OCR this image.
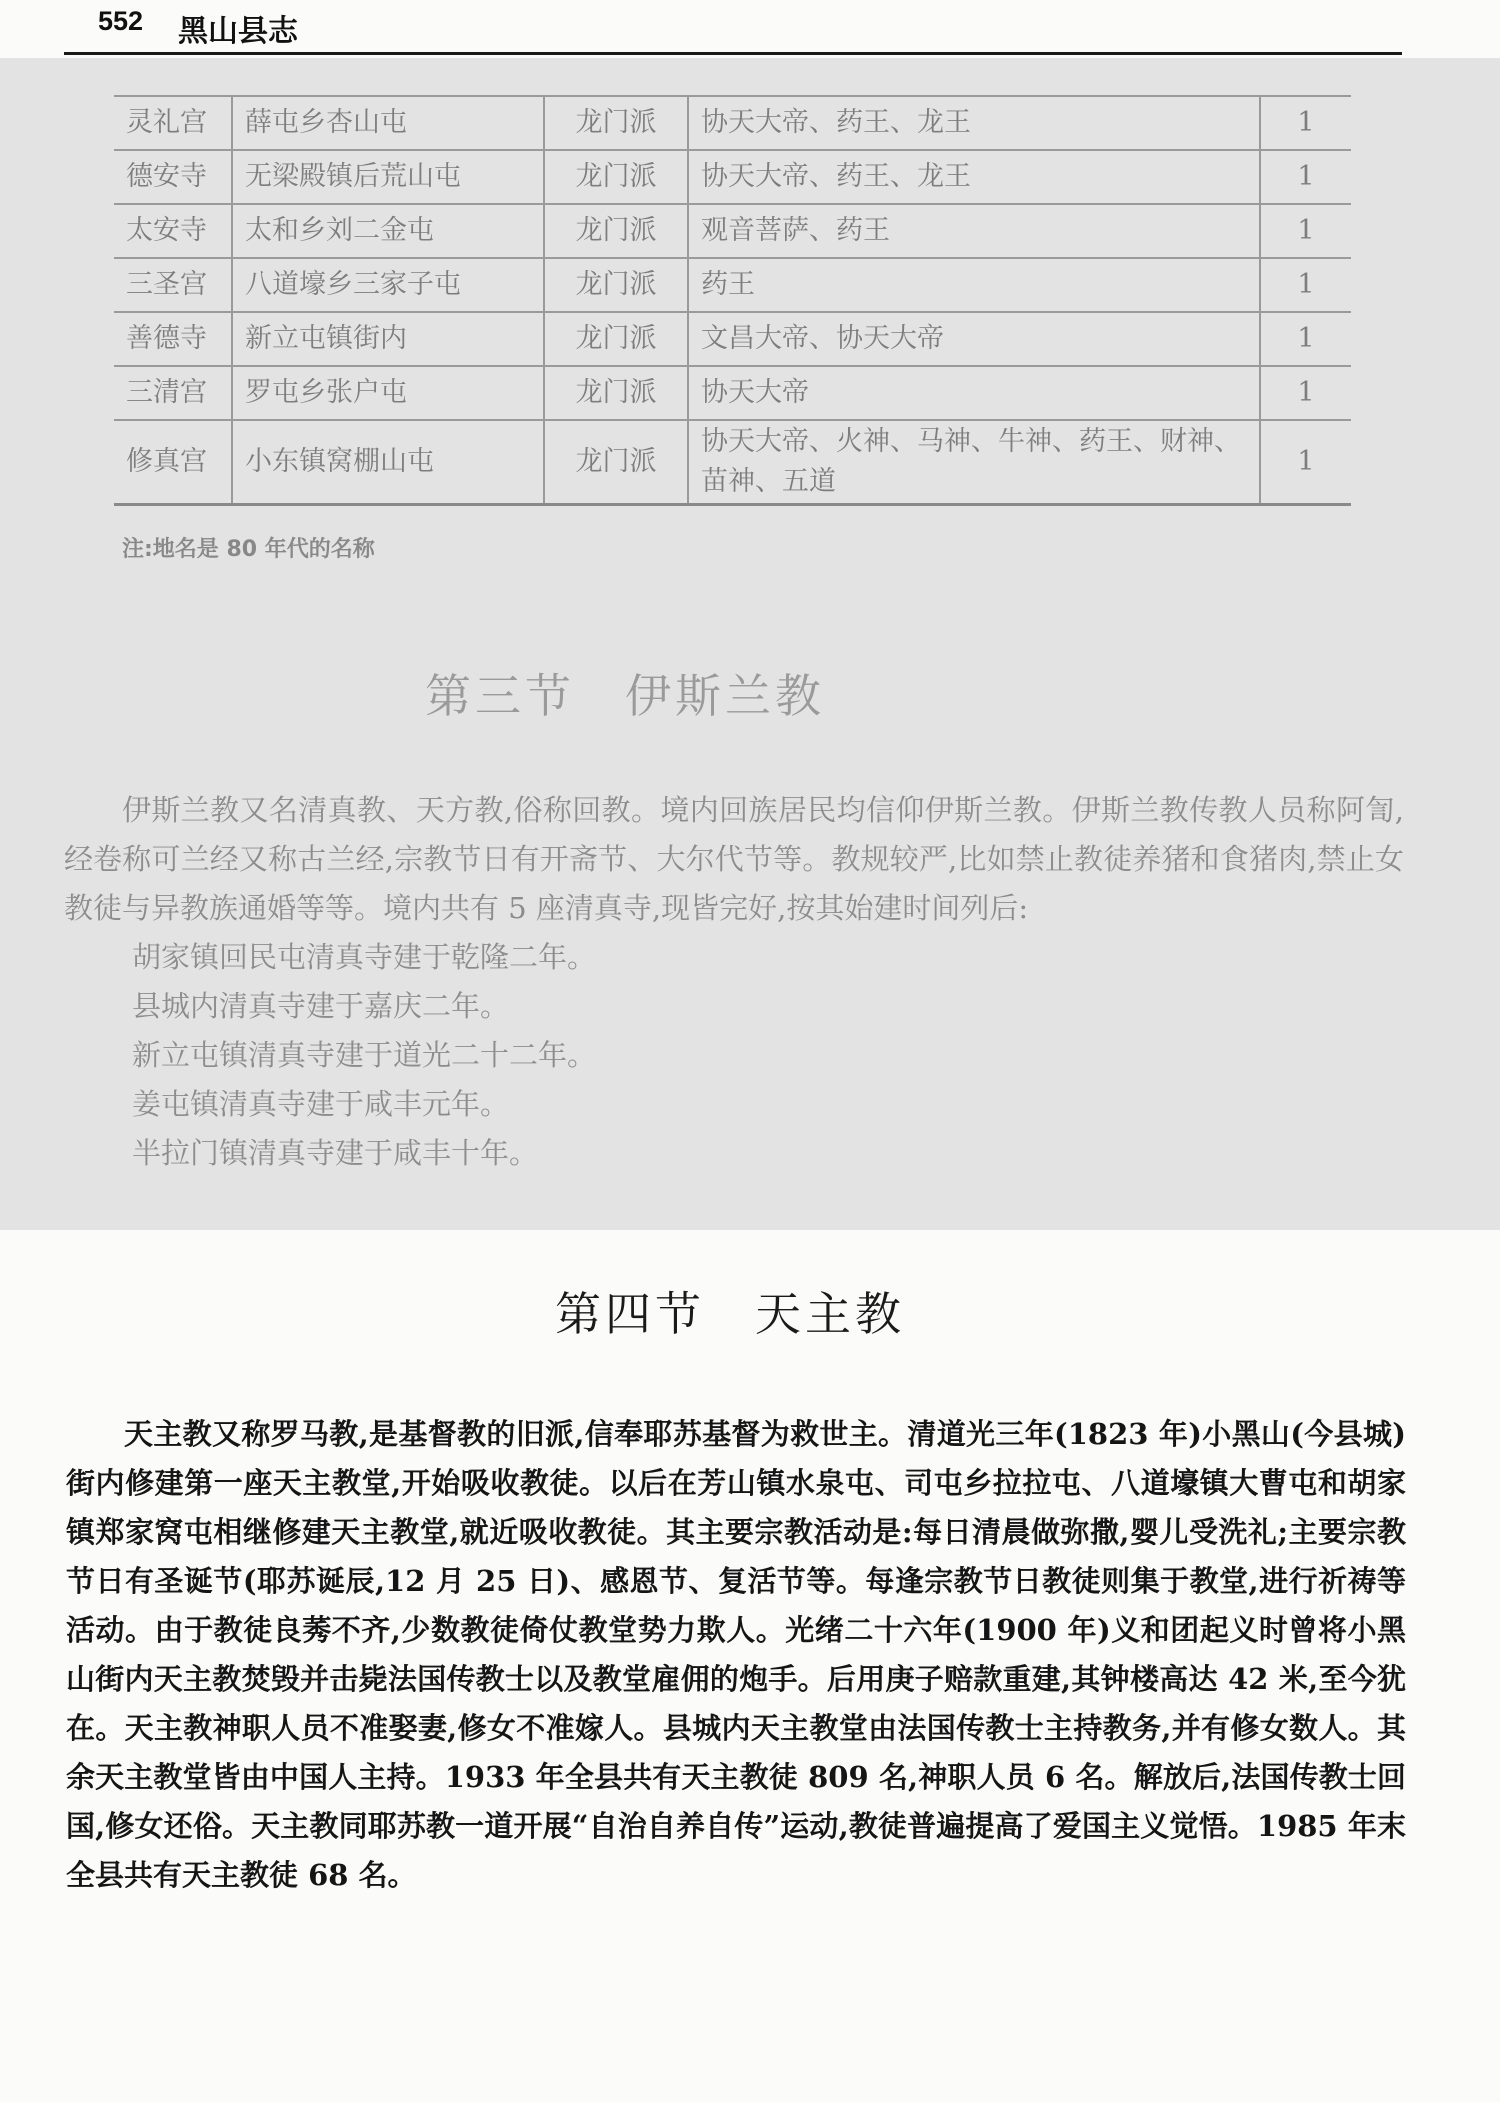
552 黑山县志
灵礼宫	薛屯乡杏山屯	龙门派	协天大帝、药王、龙王	1
德安寺	无梁殿镇后荒山屯	龙门派	协天大帝、药王、龙王	1
太安寺	太和乡刘二金屯	龙门派	观音菩萨、药王	1
三圣宫	八道壕乡三家子屯	龙门派	药王	1
善德寺	新立屯镇街内	龙门派	文昌大帝、协天大帝	1
三清宫	罗屯乡张户屯	龙门派	协天大帝	1
修真宫	小东镇窝棚山屯	龙门派	协天大帝、火神、马神、牛神、药王、财神、苗神、五道	1
注:地名是 80 年代的名称
第三节　伊斯兰教

伊斯兰教又名清真教、天方教,俗称回教。境内回族居民均信仰伊斯兰教。伊斯兰教传教人员称阿訇,经卷称可兰经又称古兰经,宗教节日有开斋节、大尔代节等。教规较严,比如禁止教徒养猪和食猪肉,禁止女教徒与异教族通婚等等。境内共有 5 座清真寺,现皆完好,按其始建时间列后:

胡家镇回民屯清真寺建于乾隆二年。

县城内清真寺建于嘉庆二年。

新立屯镇清真寺建于道光二十二年。

姜屯镇清真寺建于咸丰元年。

半拉门镇清真寺建于咸丰十年。

第四节　天主教

天主教又称罗马教,是基督教的旧派,信奉耶苏基督为救世主。清道光三年(1823 年)小黑山(今县城)街内修建第一座天主教堂,开始吸收教徒。以后在芳山镇水泉屯、司屯乡拉拉屯、八道壕镇大曹屯和胡家镇郑家窝屯相继修建天主教堂,就近吸收教徒。其主要宗教活动是:每日清晨做弥撒,婴儿受洗礼;主要宗教节日有圣诞节(耶苏诞辰,12 月 25 日)、感恩节、复活节等。每逢宗教节日教徒则集于教堂,进行祈祷等活动。由于教徒良莠不齐,少数教徒倚仗教堂势力欺人。光绪二十六年(1900 年)义和团起义时曾将小黑山街内天主教焚毁并击毙法国传教士以及教堂雇佣的炮手。后用庚子赔款重建,其钟楼高达 42 米,至今犹在。天主教神职人员不准娶妻,修女不准嫁人。县城内天主教堂由法国传教士主持教务,并有修女数人。其余天主教堂皆由中国人主持。1933 年全县共有天主教徒 809 名,神职人员 6 名。解放后,法国传教士回国,修女还俗。天主教同耶苏教一道开展“自治自养自传”运动,教徒普遍提高了爱国主义觉悟。1985 年末全县共有天主教徒 68 名。
